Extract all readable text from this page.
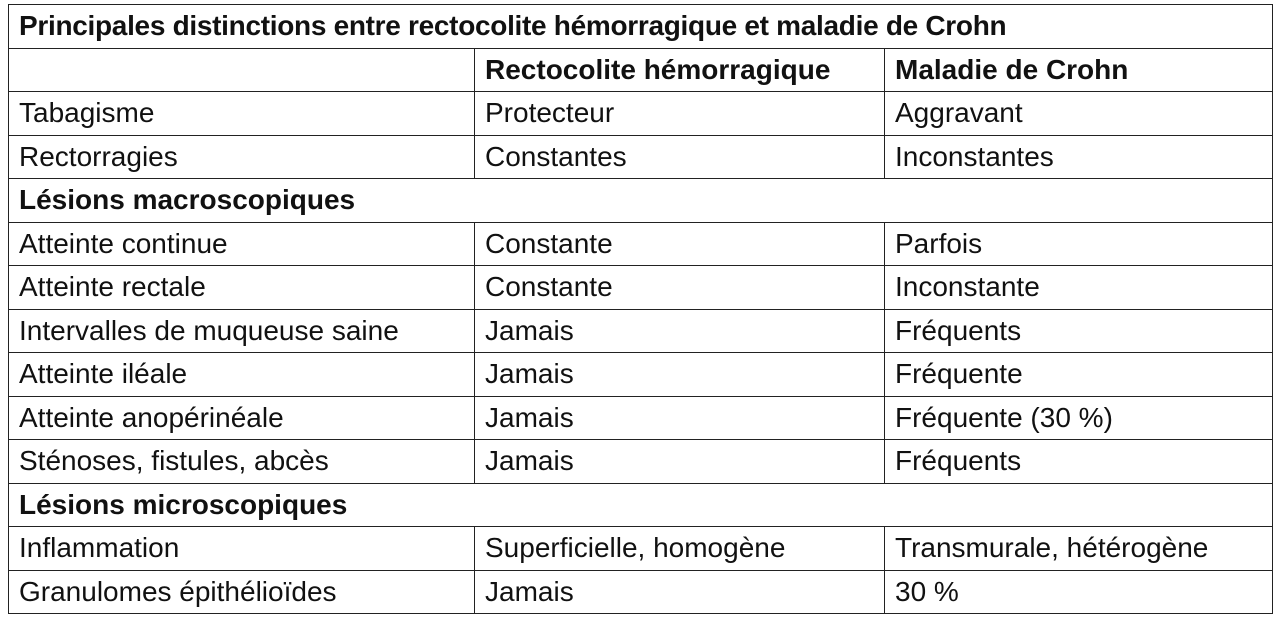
Principales distinctions entre rectocolite hémorragique et maladie de Crohn		
	Rectocolite hémorragique	Maladie de Crohn
Tabagisme	Protecteur	Aggravant
Rectorragies	Constantes	Inconstantes
Lésions macroscopiques		
Atteinte continue	Constante	Parfois
Atteinte rectale	Constante	Inconstante
Intervalles de muqueuse saine	Jamais	Fréquents
Atteinte iléale	Jamais	Fréquente
Atteinte anopérinéale	Jamais	Fréquente (30 %)
Sténoses, fistules, abcès	Jamais	Fréquents
Lésions microscopiques		
Inflammation	Superficielle, homogène	Transmurale, hétérogène
Granulomes épithélioïdes	Jamais	30 %
